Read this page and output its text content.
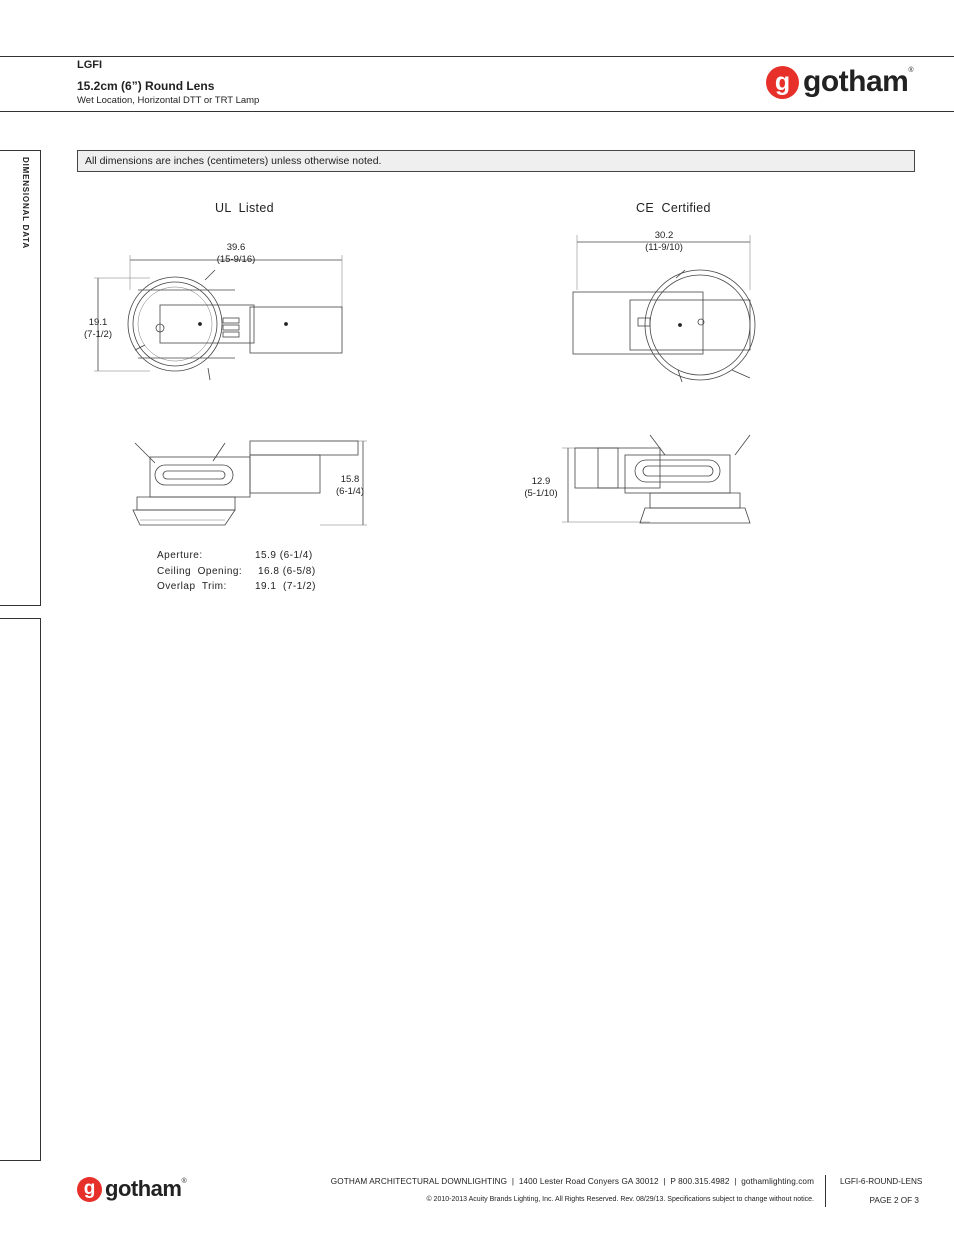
LGFI
15.2cm (6”) Round Lens
Wet Location, Horizontal DTT or TRT Lamp
g gotham ®
DIMENSIONAL DATA	All dimensions are inches (centimeters) unless otherwise noted.
UL  Listed	CE  Certified
39.6
(15-9/16)
19.1
(7-1/2)
30.2
(11-9/10)
15.8
(6-1/4)
12.9
(5-1/10)
Aperture:	15.9 (6-1/4)
Ceiling  Opening: 16.8 (6-5/8)
Overlap  Trim:	19.1  (7-1/2)
g gotham ®	GOTHAM ARCHITECTURAL DOWNLIGHTING  |  1400 Lester Road Conyers GA 30012  |  P 800.315.4982  |  gothamlighting.com
© 2010-2013 Acuity Brands Lighting, Inc. All Rights Reserved. Rev. 08/29/13. Specifications subject to change without notice.
LGFI-6-ROUND-LENS
PAGE 2 OF 3
